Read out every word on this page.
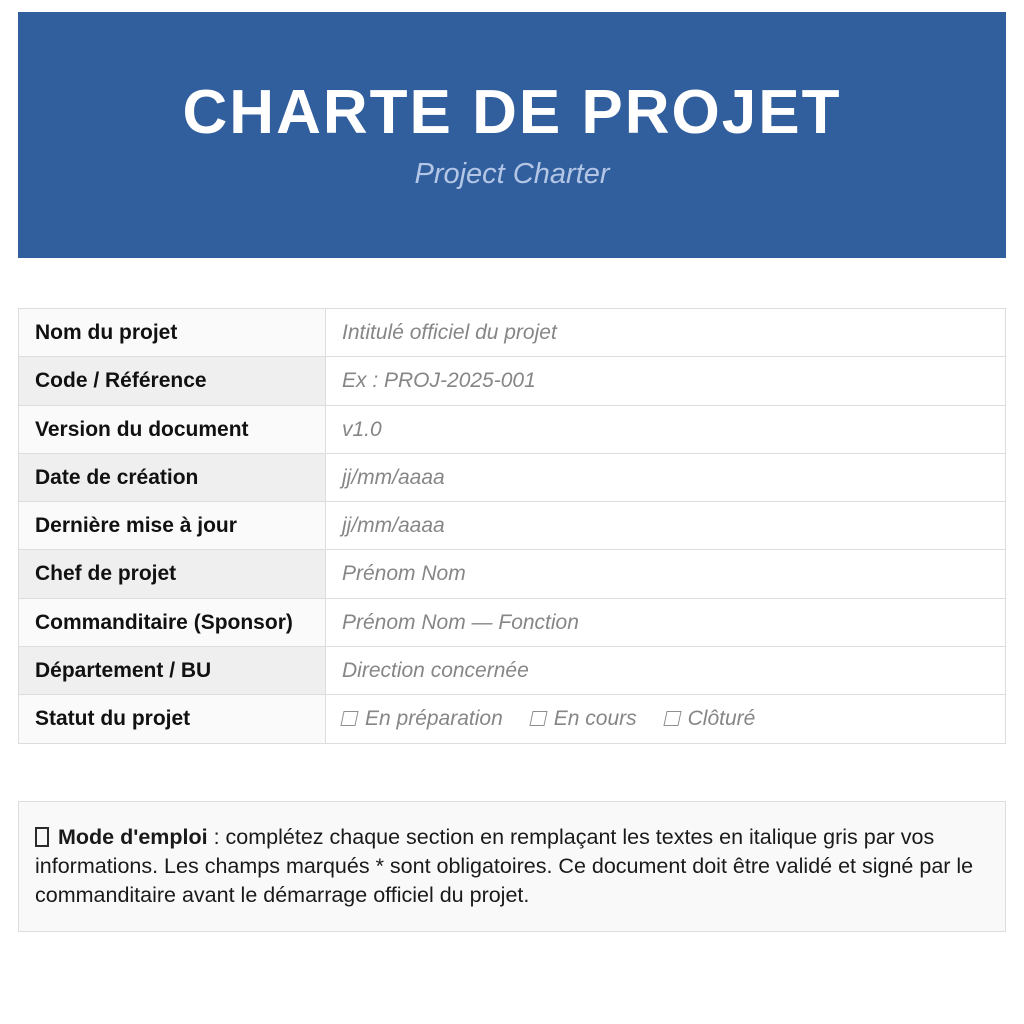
CHARTE DE PROJET
Project Charter
Nom du projet	Intitulé officiel du projet
Code / Référence	Ex : PROJ-2025-001
Version du document	v1.0
Date de création	jj/mm/aaaa
Dernière mise à jour	jj/mm/aaaa
Chef de projet	Prénom Nom
Commanditaire (Sponsor)	Prénom Nom — Fonction
Département / BU	Direction concernée
Statut du projet	En préparation En cours Clôturé
Mode d'emploi : complétez chaque section en remplaçant les textes en italique gris par vos informations. Les champs marqués * sont obligatoires. Ce document doit être validé et signé par le commanditaire avant le démarrage officiel du projet.
